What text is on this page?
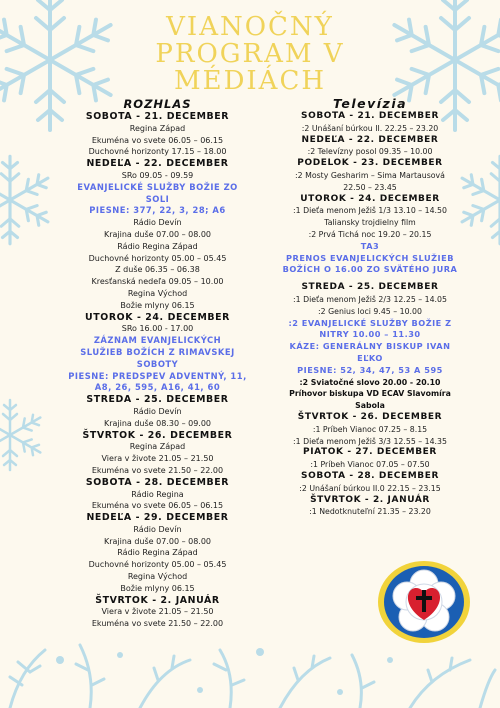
VIANOČNÝ
PROGRAM V
MÉDIÁCH

ROZHLAS

SOBOTA - 21. DECEMBER
Regina Západ
Ekuména vo svete 06.05 – 06.15
Duchovné horizonty 17.15 – 18.00
NEDEĽA - 22. DECEMBER
SRo 09.05 - 09.59
EVANJELICKÉ SLUŽBY BOŽIE ZO
SOLI
PIESNE: 377, 22, 3, 28; A6
Rádio Devín
Krajina duše 07.00 – 08.00
Rádio Regina Západ
Duchovné horizonty 05.00 – 05.45
Z duše 06.35 – 06.38
Kresťanská nedeľa 09.05 – 10.00
Regina Východ
Božie mlyny 06.15
UTOROK - 24. DECEMBER
SRo 16.00 - 17.00
ZÁZNAM EVANJELICKÝCH
SLUŽIEB BOŽÍCH Z RIMAVSKEJ
SOBOTY
PIESNE: PREDSPEV ADVENTNÝ, 11,
A8, 26, 595, A16, 41, 60
STREDA - 25. DECEMBER
Rádio Devín
Krajina duše 08.30 – 09.00
ŠTVRTOK - 26. DECEMBER
Regina Západ
Viera v živote 21.05 – 21.50
Ekuména vo svete 21.50 – 22.00
SOBOTA - 28. DECEMBER
Rádio Regina
Ekuména vo svete 06.05 – 06.15
NEDEĽA - 29. DECEMBER
Rádio Devín
Krajina duše 07.00 – 08.00
Rádio Regina Západ
Duchovné horizonty 05.00 – 05.45
Regina Východ
Božie mlyny 06.15
ŠTVRTOK - 2. JANUÁR
Viera v živote 21.05 – 21.50
Ekuména vo svete 21.50 – 22.00

Televízia

SOBOTA - 21. DECEMBER
:2 Unášaní búrkou II. 22.25 – 23.20
NEDEĽA - 22. DECEMBER
:2 Televízny posol 09.35 – 10.00
PODELOK - 23. DECEMBER
:2 Mosty Gesharim – Sima Martausová
22.50 – 23.45
UTOROK - 24. DECEMBER
:1 Dieťa menom Ježiš 1/3 13.10 – 14.50
Taliansky trojdielny film
:2 Prvá Tichá noc 19.20 – 20.15
TA3
PRENOS EVANJELICKÝCH SLUŽIEB
BOŽÍCH O 16.00 ZO SVÄTÉHO JURA
STREDA - 25. DECEMBER
:1 Dieťa menom Ježiš 2/3 12.25 – 14.05
:2 Genius loci 9.45 – 10.00
:2 EVANJELICKÉ SLUŽBY BOŽIE Z
NITRY 10.00 – 11.30
KÁZE: GENERÁLNY BISKUP IVAN
EĽKO
PIESNE: 52, 34, 47, 53 A 595
:2 Sviatočné slovo 20.00 - 20.10
Príhovor biskupa VD ECAV Slavomíra
Sabola
ŠTVRTOK - 26. DECEMBER
:1 Príbeh Vianoc 07.25 – 8.15
:1 Dieťa menom Ježiš 3/3 12.55 – 14.35
PIATOK - 27. DECEMBER
:1 Príbeh Vianoc 07.05 – 07.50
SOBOTA - 28. DECEMBER
:2 Unášaní búrkou II.0 22.15 – 23.15
ŠTVRTOK - 2. JANUÁR
:1 Nedotknuteľní 21.35 – 23.20
